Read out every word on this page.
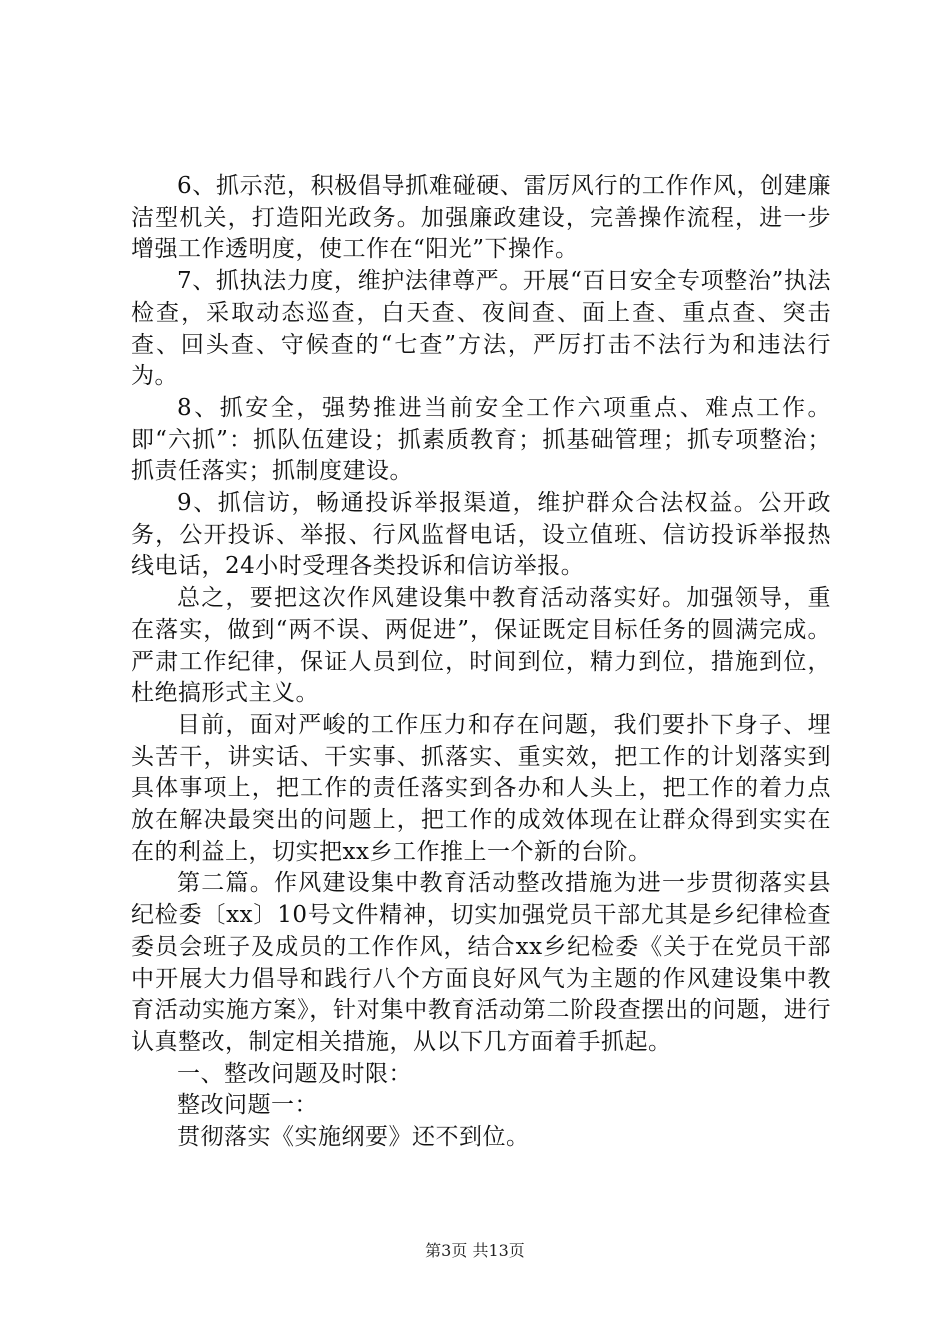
6、抓示范，积极倡导抓难碰硬、雷厉风行的工作作风，创建廉洁型机关，打造阳光政务。加强廉政建设，完善操作流程，进一步增强工作透明度，使工作在“阳光”下操作。

7、抓执法力度，维护法律尊严。开展“百日安全专项整治”执法检查，采取动态巡查，白天查、夜间查、面上查、重点查、突击查、回头查、守候查的“七查”方法，严厉打击不法行为和违法行为。

8、抓安全，强势推进当前安全工作六项重点、难点工作。即“六抓”：抓队伍建设；抓素质教育；抓基础管理；抓专项整治；抓责任落实；抓制度建设。

9、抓信访，畅通投诉举报渠道，维护群众合法权益。公开政务，公开投诉、举报、行风监督电话，设立值班、信访投诉举报热线电话，24小时受理各类投诉和信访举报。

总之，要把这次作风建设集中教育活动落实好。加强领导，重在落实，做到“两不误、两促进”，保证既定目标任务的圆满完成。严肃工作纪律，保证人员到位，时间到位，精力到位，措施到位，杜绝搞形式主义。

目前，面对严峻的工作压力和存在问题，我们要扑下身子、埋头苦干，讲实话、干实事、抓落实、重实效，把工作的计划落实到具体事项上，把工作的责任落实到各办和人头上，把工作的着力点放在解决最突出的问题上，把工作的成效体现在让群众得到实实在在的利益上，切实把xx乡工作推上一个新的台阶。

第二篇。作风建设集中教育活动整改措施为进一步贯彻落实县纪检委〔xx〕10号文件精神，切实加强党员干部尤其是乡纪律检查委员会班子及成员的工作作风，结合xx乡纪检委《关于在党员干部中开展大力倡导和践行八个方面良好风气为主题的作风建设集中教育活动实施方案》，针对集中教育活动第二阶段查摆出的问题，进行认真整改，制定相关措施，从以下几方面着手抓起。

一、整改问题及时限：

整改问题一：

贯彻落实《实施纲要》还不到位。

第3页 共13页
